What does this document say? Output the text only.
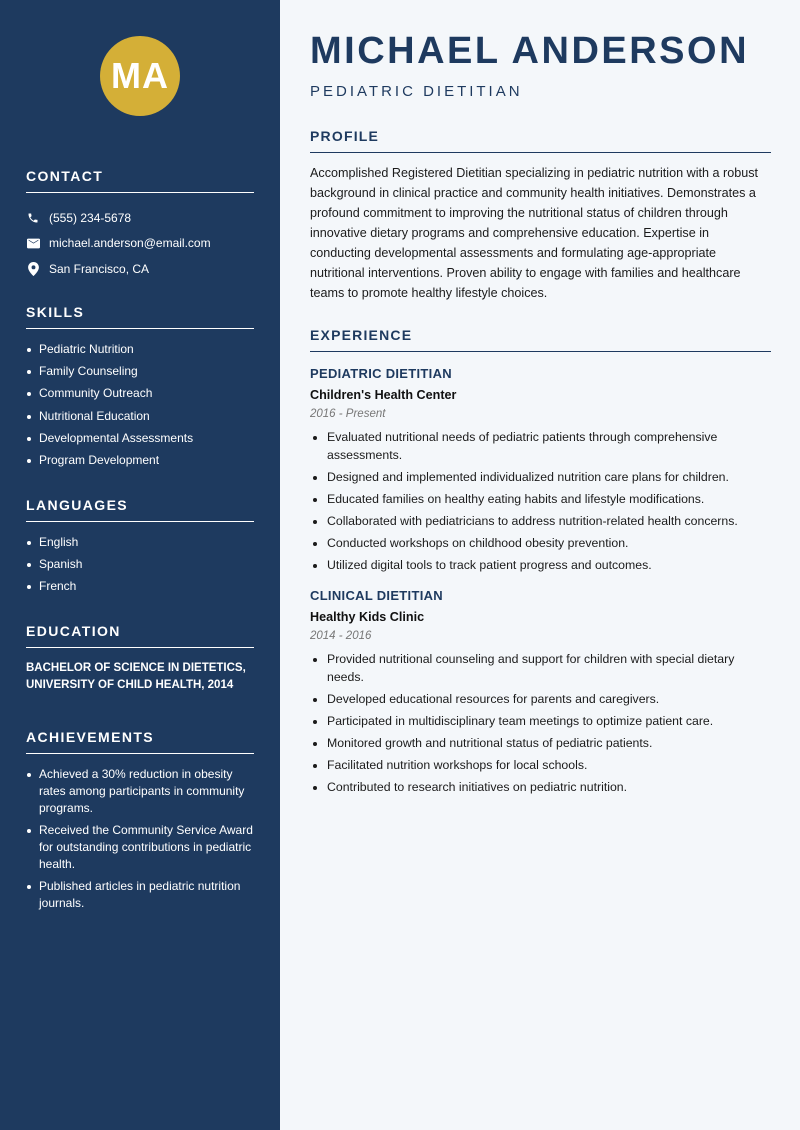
MA
CONTACT
(555) 234-5678
michael.anderson@email.com
San Francisco, CA
SKILLS
Pediatric Nutrition
Family Counseling
Community Outreach
Nutritional Education
Developmental Assessments
Program Development
LANGUAGES
English
Spanish
French
EDUCATION
BACHELOR OF SCIENCE IN DIETETICS, UNIVERSITY OF CHILD HEALTH, 2014
ACHIEVEMENTS
Achieved a 30% reduction in obesity rates among participants in community programs.
Received the Community Service Award for outstanding contributions in pediatric health.
Published articles in pediatric nutrition journals.
MICHAEL ANDERSON
PEDIATRIC DIETITIAN
PROFILE

Accomplished Registered Dietitian specializing in pediatric nutrition with a robust background in clinical practice and community health initiatives. Demonstrates a profound commitment to improving the nutritional status of children through innovative dietary programs and comprehensive education. Expertise in conducting developmental assessments and formulating age-appropriate nutritional interventions. Proven ability to engage with families and healthcare teams to promote healthy lifestyle choices.

EXPERIENCE
PEDIATRIC DIETITIAN
Children's Health Center
2016 - Present
Evaluated nutritional needs of pediatric patients through comprehensive assessments.
Designed and implemented individualized nutrition care plans for children.
Educated families on healthy eating habits and lifestyle modifications.
Collaborated with pediatricians to address nutrition-related health concerns.
Conducted workshops on childhood obesity prevention.
Utilized digital tools to track patient progress and outcomes.
CLINICAL DIETITIAN
Healthy Kids Clinic
2014 - 2016
Provided nutritional counseling and support for children with special dietary needs.
Developed educational resources for parents and caregivers.
Participated in multidisciplinary team meetings to optimize patient care.
Monitored growth and nutritional status of pediatric patients.
Facilitated nutrition workshops for local schools.
Contributed to research initiatives on pediatric nutrition.
